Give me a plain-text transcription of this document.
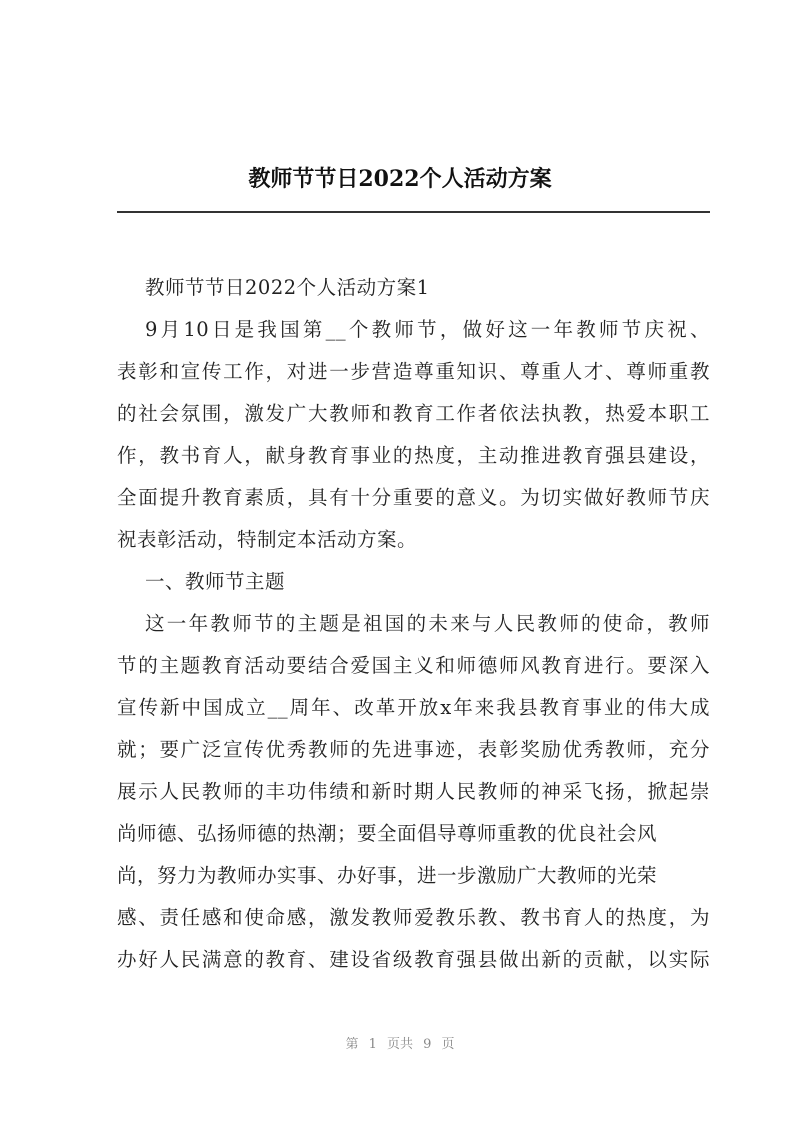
教师节节日2022个人活动方案
教师节节日2022个人活动方案1
9月10日是我国第__个教师节，做好这一年教师节庆祝、
表彰和宣传工作，对进一步营造尊重知识、尊重人才、尊师重教
的社会氛围，激发广大教师和教育工作者依法执教，热爱本职工
作，教书育人，献身教育事业的热度，主动推进教育强县建设，
全面提升教育素质，具有十分重要的意义。为切实做好教师节庆
祝表彰活动，特制定本活动方案。
一、教师节主题
这一年教师节的主题是祖国的未来与人民教师的使命，教师
节的主题教育活动要结合爱国主义和师德师风教育进行。要深入
宣传新中国成立__周年、改革开放x年来我县教育事业的伟大成
就；要广泛宣传优秀教师的先进事迹，表彰奖励优秀教师，充分
展示人民教师的丰功伟绩和新时期人民教师的神采飞扬，掀起崇
尚师德、弘扬师德的热潮；要全面倡导尊师重教的优良社会风
尚，努力为教师办实事、办好事，进一步激励广大教师的光荣
感、责任感和使命感，激发教师爱教乐教、教书育人的热度，为
办好人民满意的教育、建设省级教育强县做出新的贡献，以实际
第 1 页共 9 页
